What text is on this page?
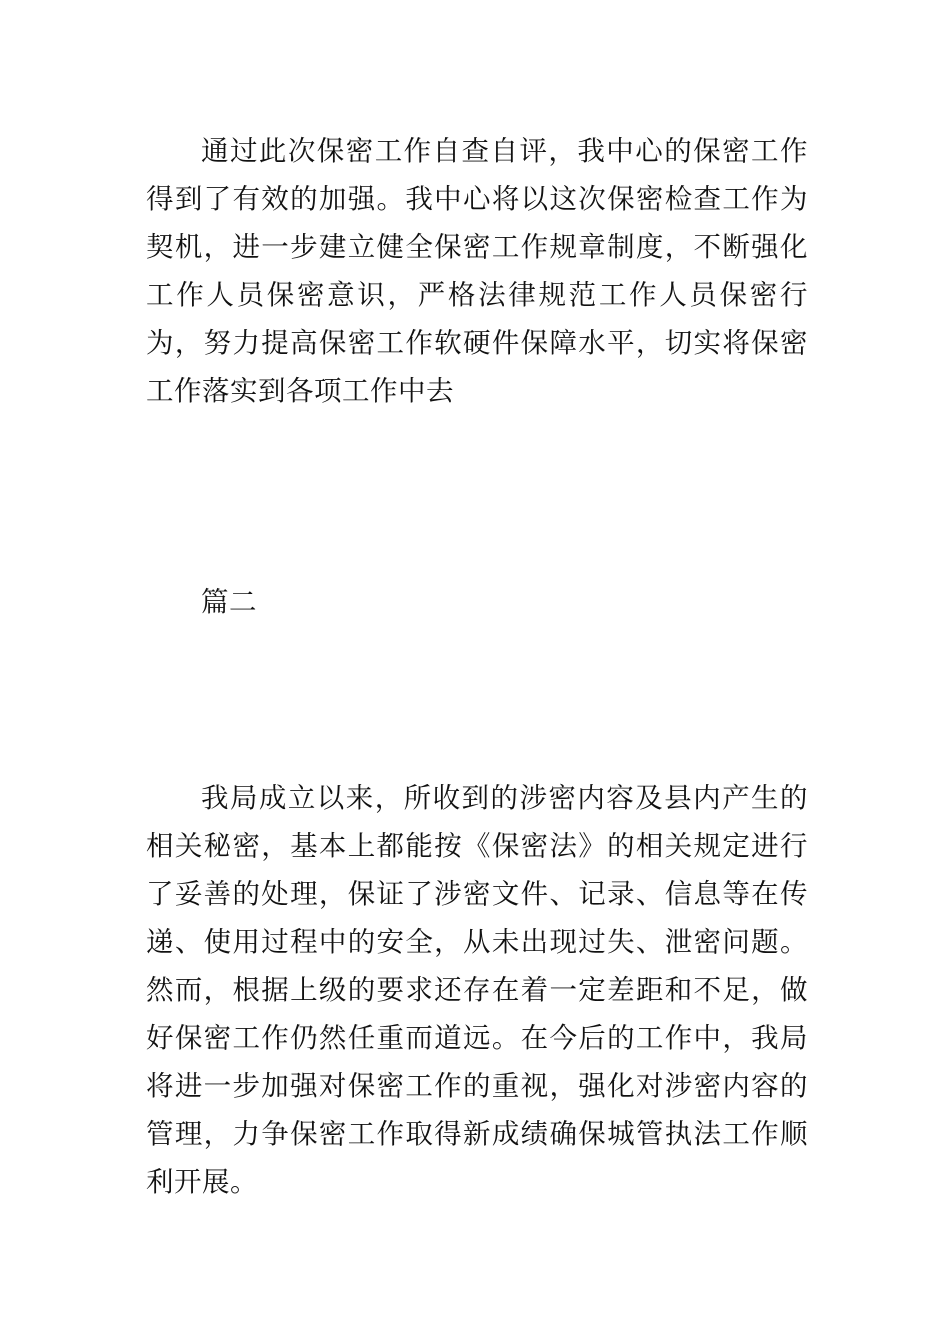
通过此次保密工作自查自评，我中心的保密工作得到了有效的加强。我中心将以这次保密检查工作为契机，进一步建立健全保密工作规章制度，不断强化工作人员保密意识，严格法律规范工作人员保密行为，努力提高保密工作软硬件保障水平，切实将保密工作落实到各项工作中去

篇二

我局成立以来，所收到的涉密内容及县内产生的相关秘密，基本上都能按《保密法》的相关规定进行了妥善的处理，保证了涉密文件、记录、信息等在传递、使用过程中的安全，从未出现过失、泄密问题。然而，根据上级的要求还存在着一定差距和不足，做好保密工作仍然任重而道远。在今后的工作中，我局将进一步加强对保密工作的重视，强化对涉密内容的管理，力争保密工作取得新成绩确保城管执法工作顺利开展。
